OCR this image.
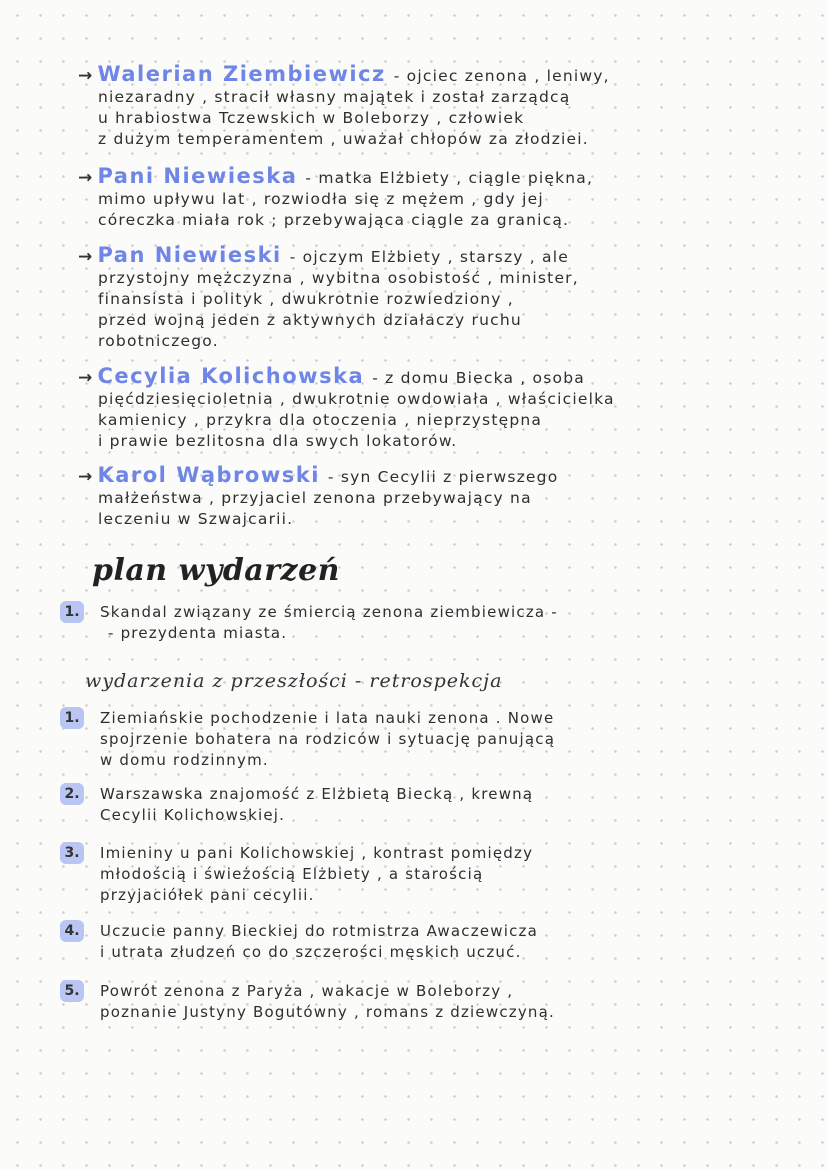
→ Walerian Ziembiewicz - ojciec zenona , leniwy,
niezaradny , stracił własny majątek i został zarządcą
u hrabiostwa Tczewskich w Boleborzy , człowiek
z dużym temperamentem , uważał chłopów za złodziei.
→ Pani Niewieska - matka Elżbiety , ciągle piękna,
mimo upływu lat , rozwiodła się z mężem , gdy jej
córeczka miała rok ; przebywająca ciągle za granicą.
→ Pan Niewieski - ojczym Elżbiety , starszy , ale
przystojny mężczyzna , wybitna osobistość , minister,
finansista i polityk , dwukrotnie rozwiedziony ,
przed wojną jeden z aktywnych działaczy ruchu
robotniczego.
→ Cecylia Kolichowska - z domu Biecka , osoba
pięćdziesięcioletnia , dwukrotnie owdowiała , właścicielka
kamienicy , przykra dla otoczenia , nieprzystępna
i prawie bezlitosna dla swych lokatorów.
→ Karol Wąbrowski - syn Cecylii z pierwszego
małżeństwa , przyjaciel zenona przebywający na
leczeniu w Szwajcarii.
plan wydarzeń
1. Skandal związany ze śmiercią zenona ziembiewicza -
- prezydenta miasta.
wydarzenia z przeszłości - retrospekcja
1. Ziemiańskie pochodzenie i lata nauki zenona . Nowe
spojrzenie bohatera na rodziców i sytuację panującą
w domu rodzinnym.
2. Warszawska znajomość z Elżbietą Biecką , krewną
Cecylii Kolichowskiej.
3. Imieniny u pani Kolichowskiej , kontrast pomiędzy
młodością i świeżością Elżbiety , a starością
przyjaciółek pani cecylii.
4. Uczucie panny Bieckiej do rotmistrza Awaczewicza
i utrata złudzeń co do szczerości męskich uczuć.
5. Powrót zenona z Paryża , wakacje w Boleborzy ,
poznanie Justyny Bogutówny , romans z dziewczyną.
